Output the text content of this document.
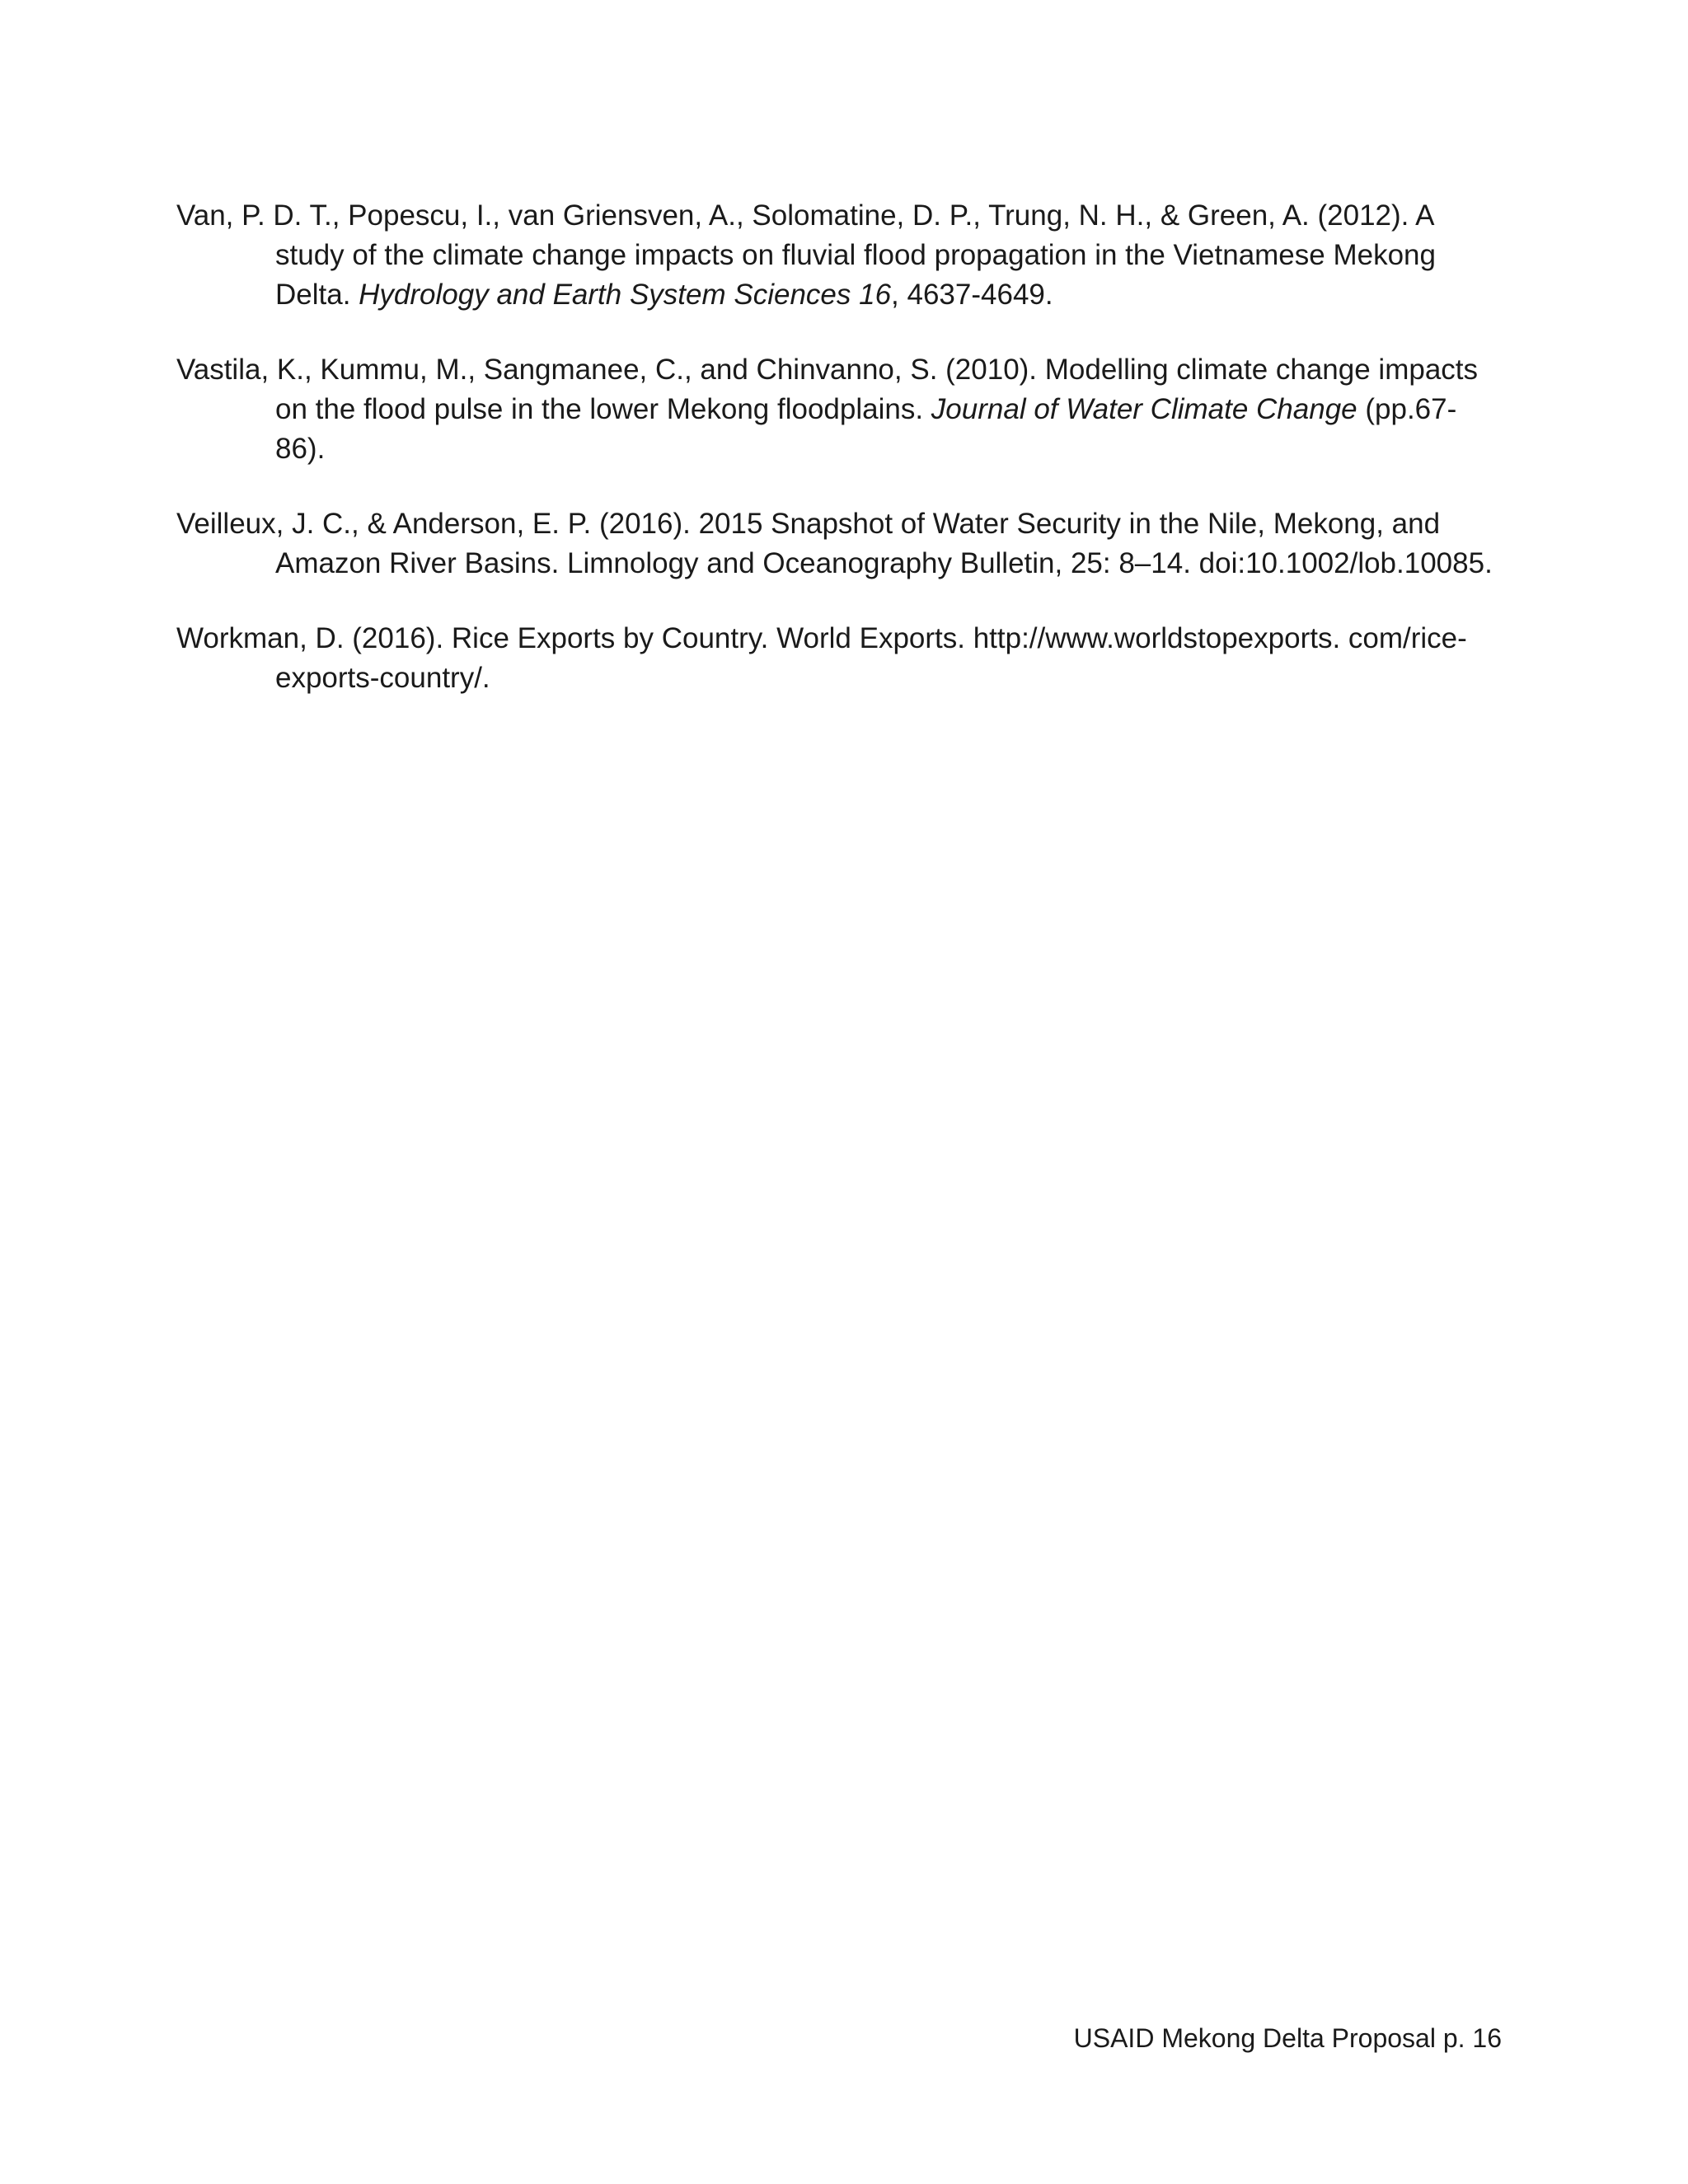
Van, P. D. T., Popescu, I., van Griensven, A., Solomatine, D. P., Trung, N. H., & Green, A. (2012). A study of the climate change impacts on fluvial flood propagation in the Vietnamese Mekong Delta. Hydrology and Earth System Sciences 16, 4637-4649.

Vastila, K., Kummu, M., Sangmanee, C., and Chinvanno, S. (2010). Modelling climate change impacts on the flood pulse in the lower Mekong floodplains. Journal of Water Climate Change (pp.67-86).

Veilleux, J. C., & Anderson, E. P. (2016). 2015 Snapshot of Water Security in the Nile, Mekong, and Amazon River Basins. Limnology and Oceanography Bulletin, 25: 8–14. doi:10.1002/lob.10085.

Workman, D. (2016). Rice Exports by Country. World Exports. http://www.worldstopexports. com/rice-exports-country/.

USAID Mekong Delta Proposal p. 16
